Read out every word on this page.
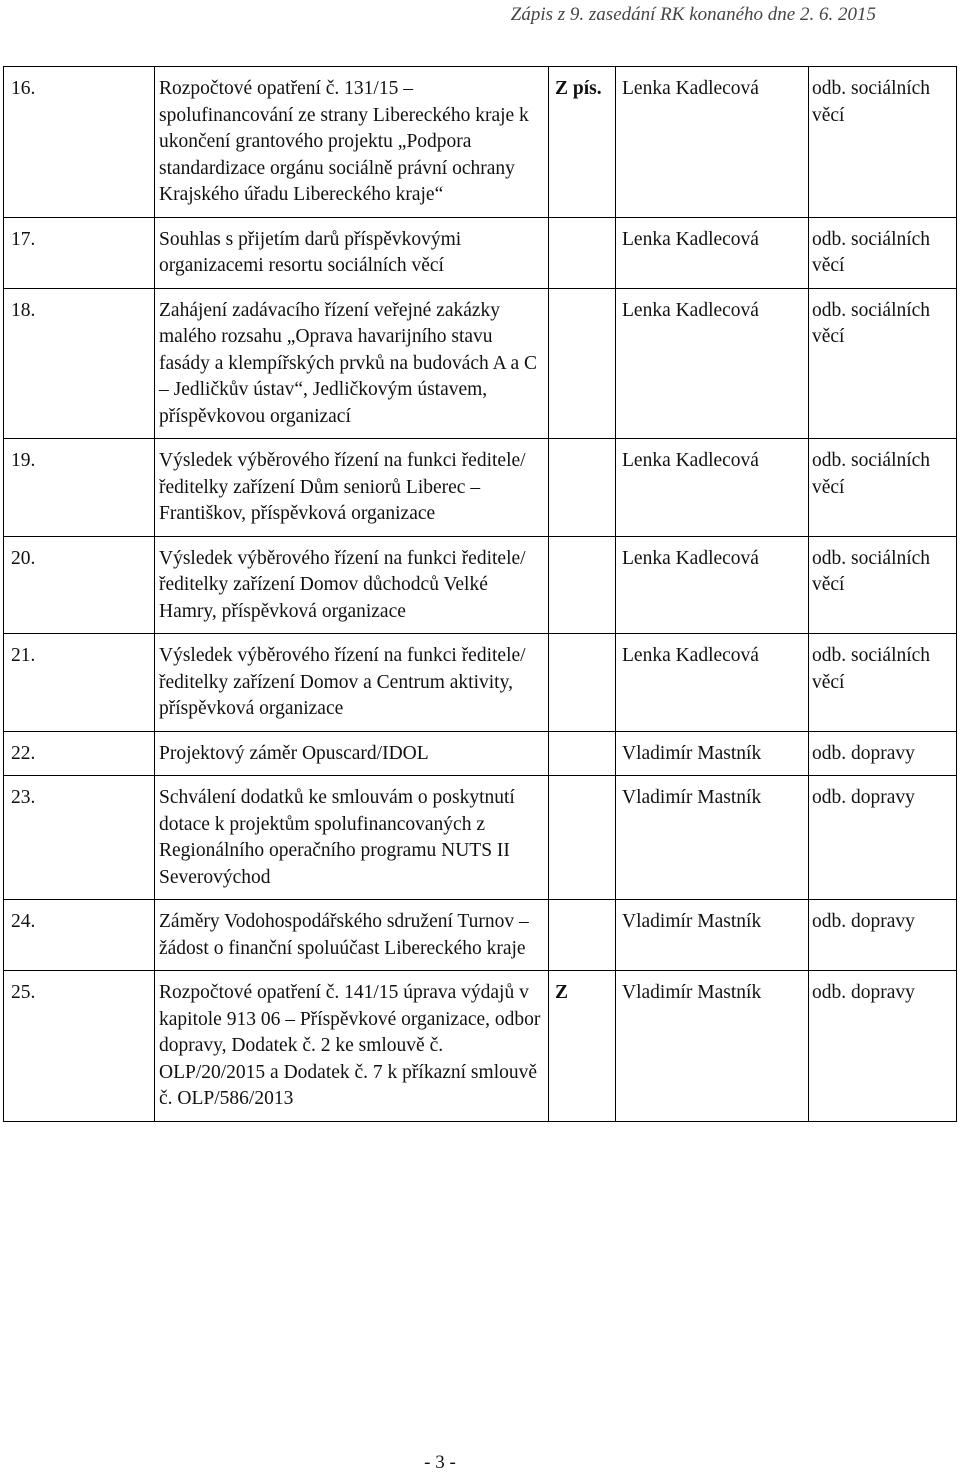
Zápis z 9. zasedání RK konaného dne 2. 6. 2015
16.	Rozpočtové opatření č. 131/15 – spolufinancování ze strany Libereckého kraje k ukončení grantového projektu „Podpora standardizace orgánu sociálně právní ochrany Krajského úřadu Libereckého kraje“	Z pís.	Lenka Kadlecová	odb. sociálních věcí
17.	Souhlas s přijetím darů příspěvkovými organizacemi resortu sociálních věcí		Lenka Kadlecová	odb. sociálních věcí
18.	Zahájení zadávacího řízení veřejné zakázky malého rozsahu „Oprava havarijního stavu fasády a klempířských prvků na budovách A a C – Jedličkův ústav“, Jedličkovým ústavem, příspěvkovou organizací		Lenka Kadlecová	odb. sociálních věcí
19.	Výsledek výběrového řízení na funkci ředitele/ředitelky zařízení Dům seniorů Liberec – Františkov, příspěvková organizace		Lenka Kadlecová	odb. sociálních věcí
20.	Výsledek výběrového řízení na funkci ředitele/ředitelky zařízení Domov důchodců Velké Hamry, příspěvková organizace		Lenka Kadlecová	odb. sociálních věcí
21.	Výsledek výběrového řízení na funkci ředitele/ředitelky zařízení Domov a Centrum aktivity, příspěvková organizace		Lenka Kadlecová	odb. sociálních věcí
22.	Projektový záměr Opuscard/IDOL		Vladimír Mastník	odb. dopravy
23.	Schválení dodatků ke smlouvám o poskytnutí dotace k projektům spolufinancovaných z Regionálního operačního programu NUTS II Severovýchod		Vladimír Mastník	odb. dopravy
24.	Záměry Vodohospodářského sdružení Turnov – žádost o finanční spoluúčast Libereckého kraje		Vladimír Mastník	odb. dopravy
25.	Rozpočtové opatření č. 141/15 úprava výdajů v kapitole 913 06 – Příspěvkové organizace, odbor dopravy, Dodatek č. 2 ke smlouvě č. OLP/20/2015 a Dodatek č. 7 k příkazní smlouvě č. OLP/586/2013	Z	Vladimír Mastník	odb. dopravy
- 3 -
